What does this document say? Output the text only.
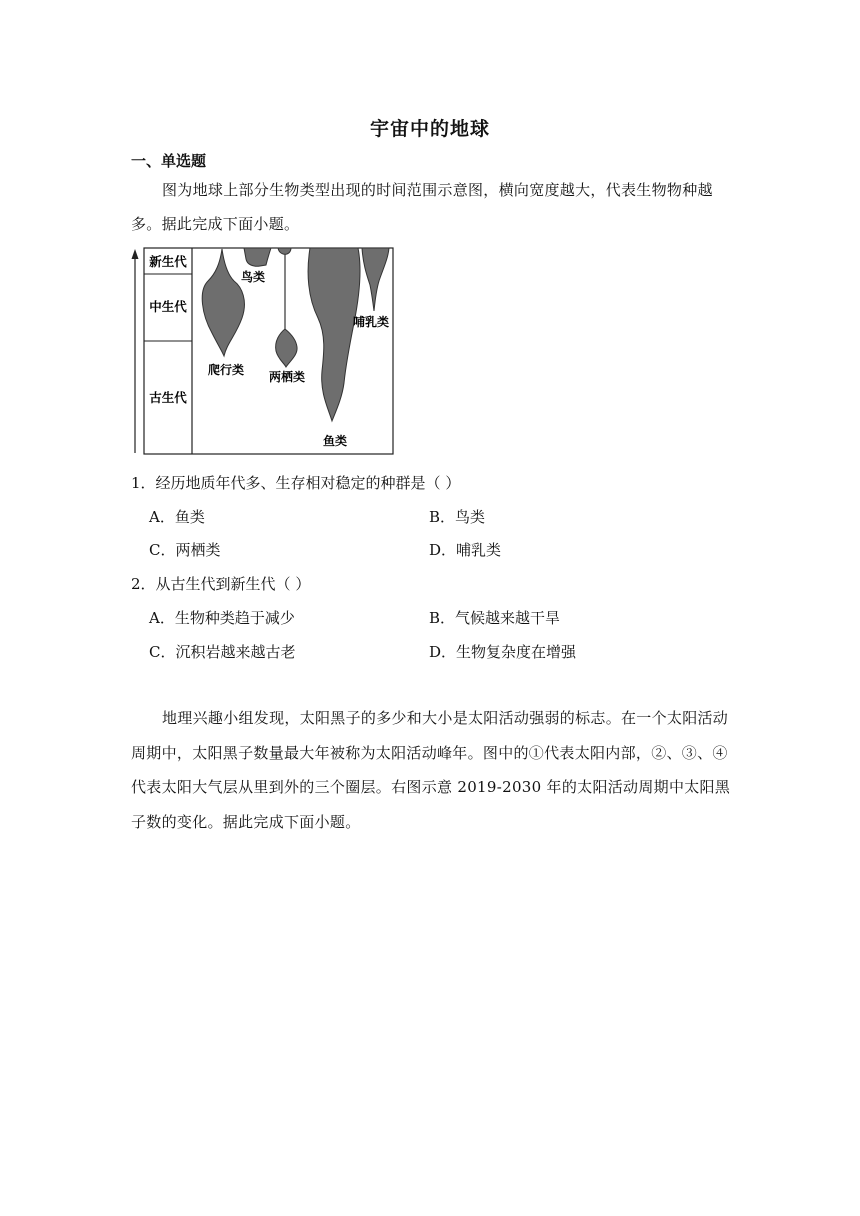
宇宙中的地球
一、单选题

图为地球上部分生物类型出现的时间范围示意图，横向宽度越大，代表生物物种越多。据此完成下面小题。

新生代
中生代
古生代
鸟类
爬行类 两栖类
鱼类
哺乳类
1．经历地质年代多、生存相对稳定的种群是（ ）
A．鱼类	B．鸟类
C．两栖类	D．哺乳类
2．从古生代到新生代（ ）
A．生物种类趋于减少	B．气候越来越干旱
C．沉积岩越来越古老	D．生物复杂度在增强

地理兴趣小组发现，太阳黑子的多少和大小是太阳活动强弱的标志。在一个太阳活动周期中，太阳黑子数量最大年被称为太阳活动峰年。图中的①代表太阳内部，②、③、④代表太阳大气层从里到外的三个圈层。右图示意 2019-2030 年的太阳活动周期中太阳黑子数的变化。据此完成下面小题。
